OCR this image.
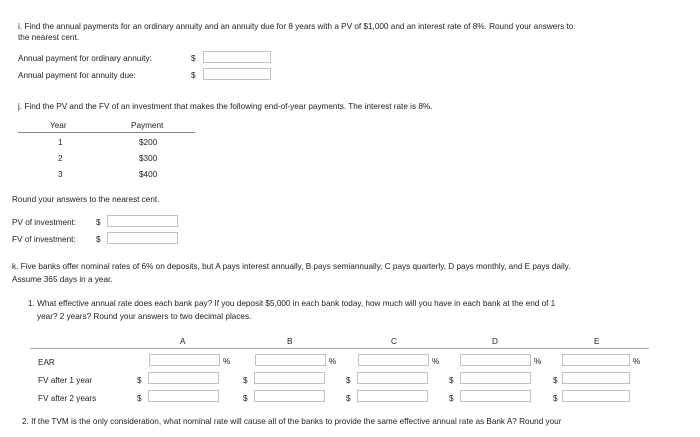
i. Find the annual payments for an ordinary annuity and an annuity due for 8 years with a PV of $1,000 and an interest rate of 8%. Round your answers to
the nearest cent.
Annual payment for ordinary annuity:	$
Annual payment for annuity due:	$
j. Find the PV and the FV of an investment that makes the following end-of-year payments. The interest rate is 8%.
Year	Payment
1	$200
2	$300
3	$400
Round your answers to the nearest cent.
PV of investment: $
FV of investment: $
k. Five banks offer nominal rates of 6% on deposits, but A pays interest annually, B pays semiannually, C pays quarterly, D pays monthly, and E pays daily.
Assume 365 days in a year.
1. What effective annual rate does each bank pay? If you deposit $5,000 in each bank today, how much will you have in each bank at the end of 1
year? 2 years? Round your answers to two decimal places.
A	B	C	D	E
EAR	%	%	%	%	%
FV after 1 year	$	$	$	$	$
FV after 2 years	$	$	$	$	$
2. If the TVM is the only consideration, what nominal rate will cause all of the banks to provide the same effective annual rate as Bank A? Round your
